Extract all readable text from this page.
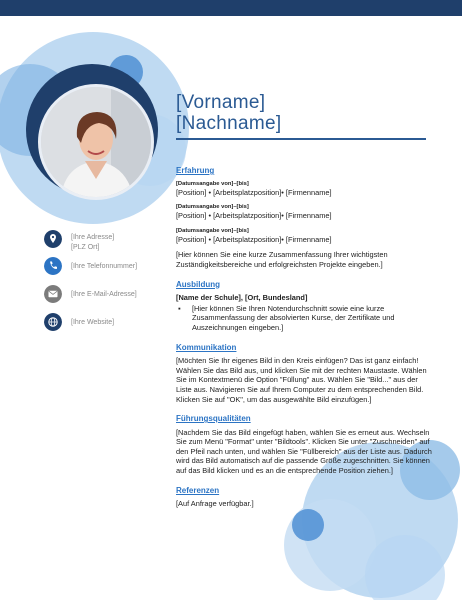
[Vorname]
[Nachname]
[Ihre Adresse]
[PLZ Ort]
[Ihre Telefonnummer]
[Ihre E-Mail-Adresse]
[Ihre Website]
Erfahrung
[Datumsangabe von]–[bis]
[Position] • [Arbeitsplatzposition]• [Firmenname]
[Datumsangabe von]–[bis]
[Position] • [Arbeitsplatzposition]• [Firmenname]
[Datumsangabe von]–[bis]
[Position] • [Arbeitsplatzposition]• [Firmenname]
[Hier können Sie eine kurze Zusammenfassung Ihrer wichtigsten Zuständigkeitsbereiche und erfolgreichsten Projekte eingeben.]
Ausbildung
[Name der Schule], [Ort, Bundesland]
▪	[Hier können Sie Ihren Notendurchschnitt sowie eine kurze Zusammenfassung der absolvierten Kurse, der Zertifikate und Auszeichnungen eingeben.]
Kommunikation
[Möchten Sie Ihr eigenes Bild in den Kreis einfügen? Das ist ganz einfach! Wählen Sie das Bild aus, und klicken Sie mit der rechten Maustaste. Wählen Sie im Kontextmenü die Option "Füllung" aus. Wählen Sie "Bild..." aus der Liste aus. Navigieren Sie auf Ihrem Computer zu dem entsprechenden Bild. Klicken Sie auf "OK", um das ausgewählte Bild einzufügen.]
Führungsqualitäten
[Nachdem Sie das Bild eingefügt haben, wählen Sie es erneut aus. Wechseln Sie zum Menü "Format" unter "Bildtools". Klicken Sie unter "Zuschneiden" auf den Pfeil nach unten, und wählen Sie "Füllbereich" aus der Liste aus. Dadurch wird das Bild automatisch auf die passende Größe zugeschnitten. Sie können auf das Bild klicken und es an die entsprechende Position ziehen.]
Referenzen
[Auf Anfrage verfügbar.]
